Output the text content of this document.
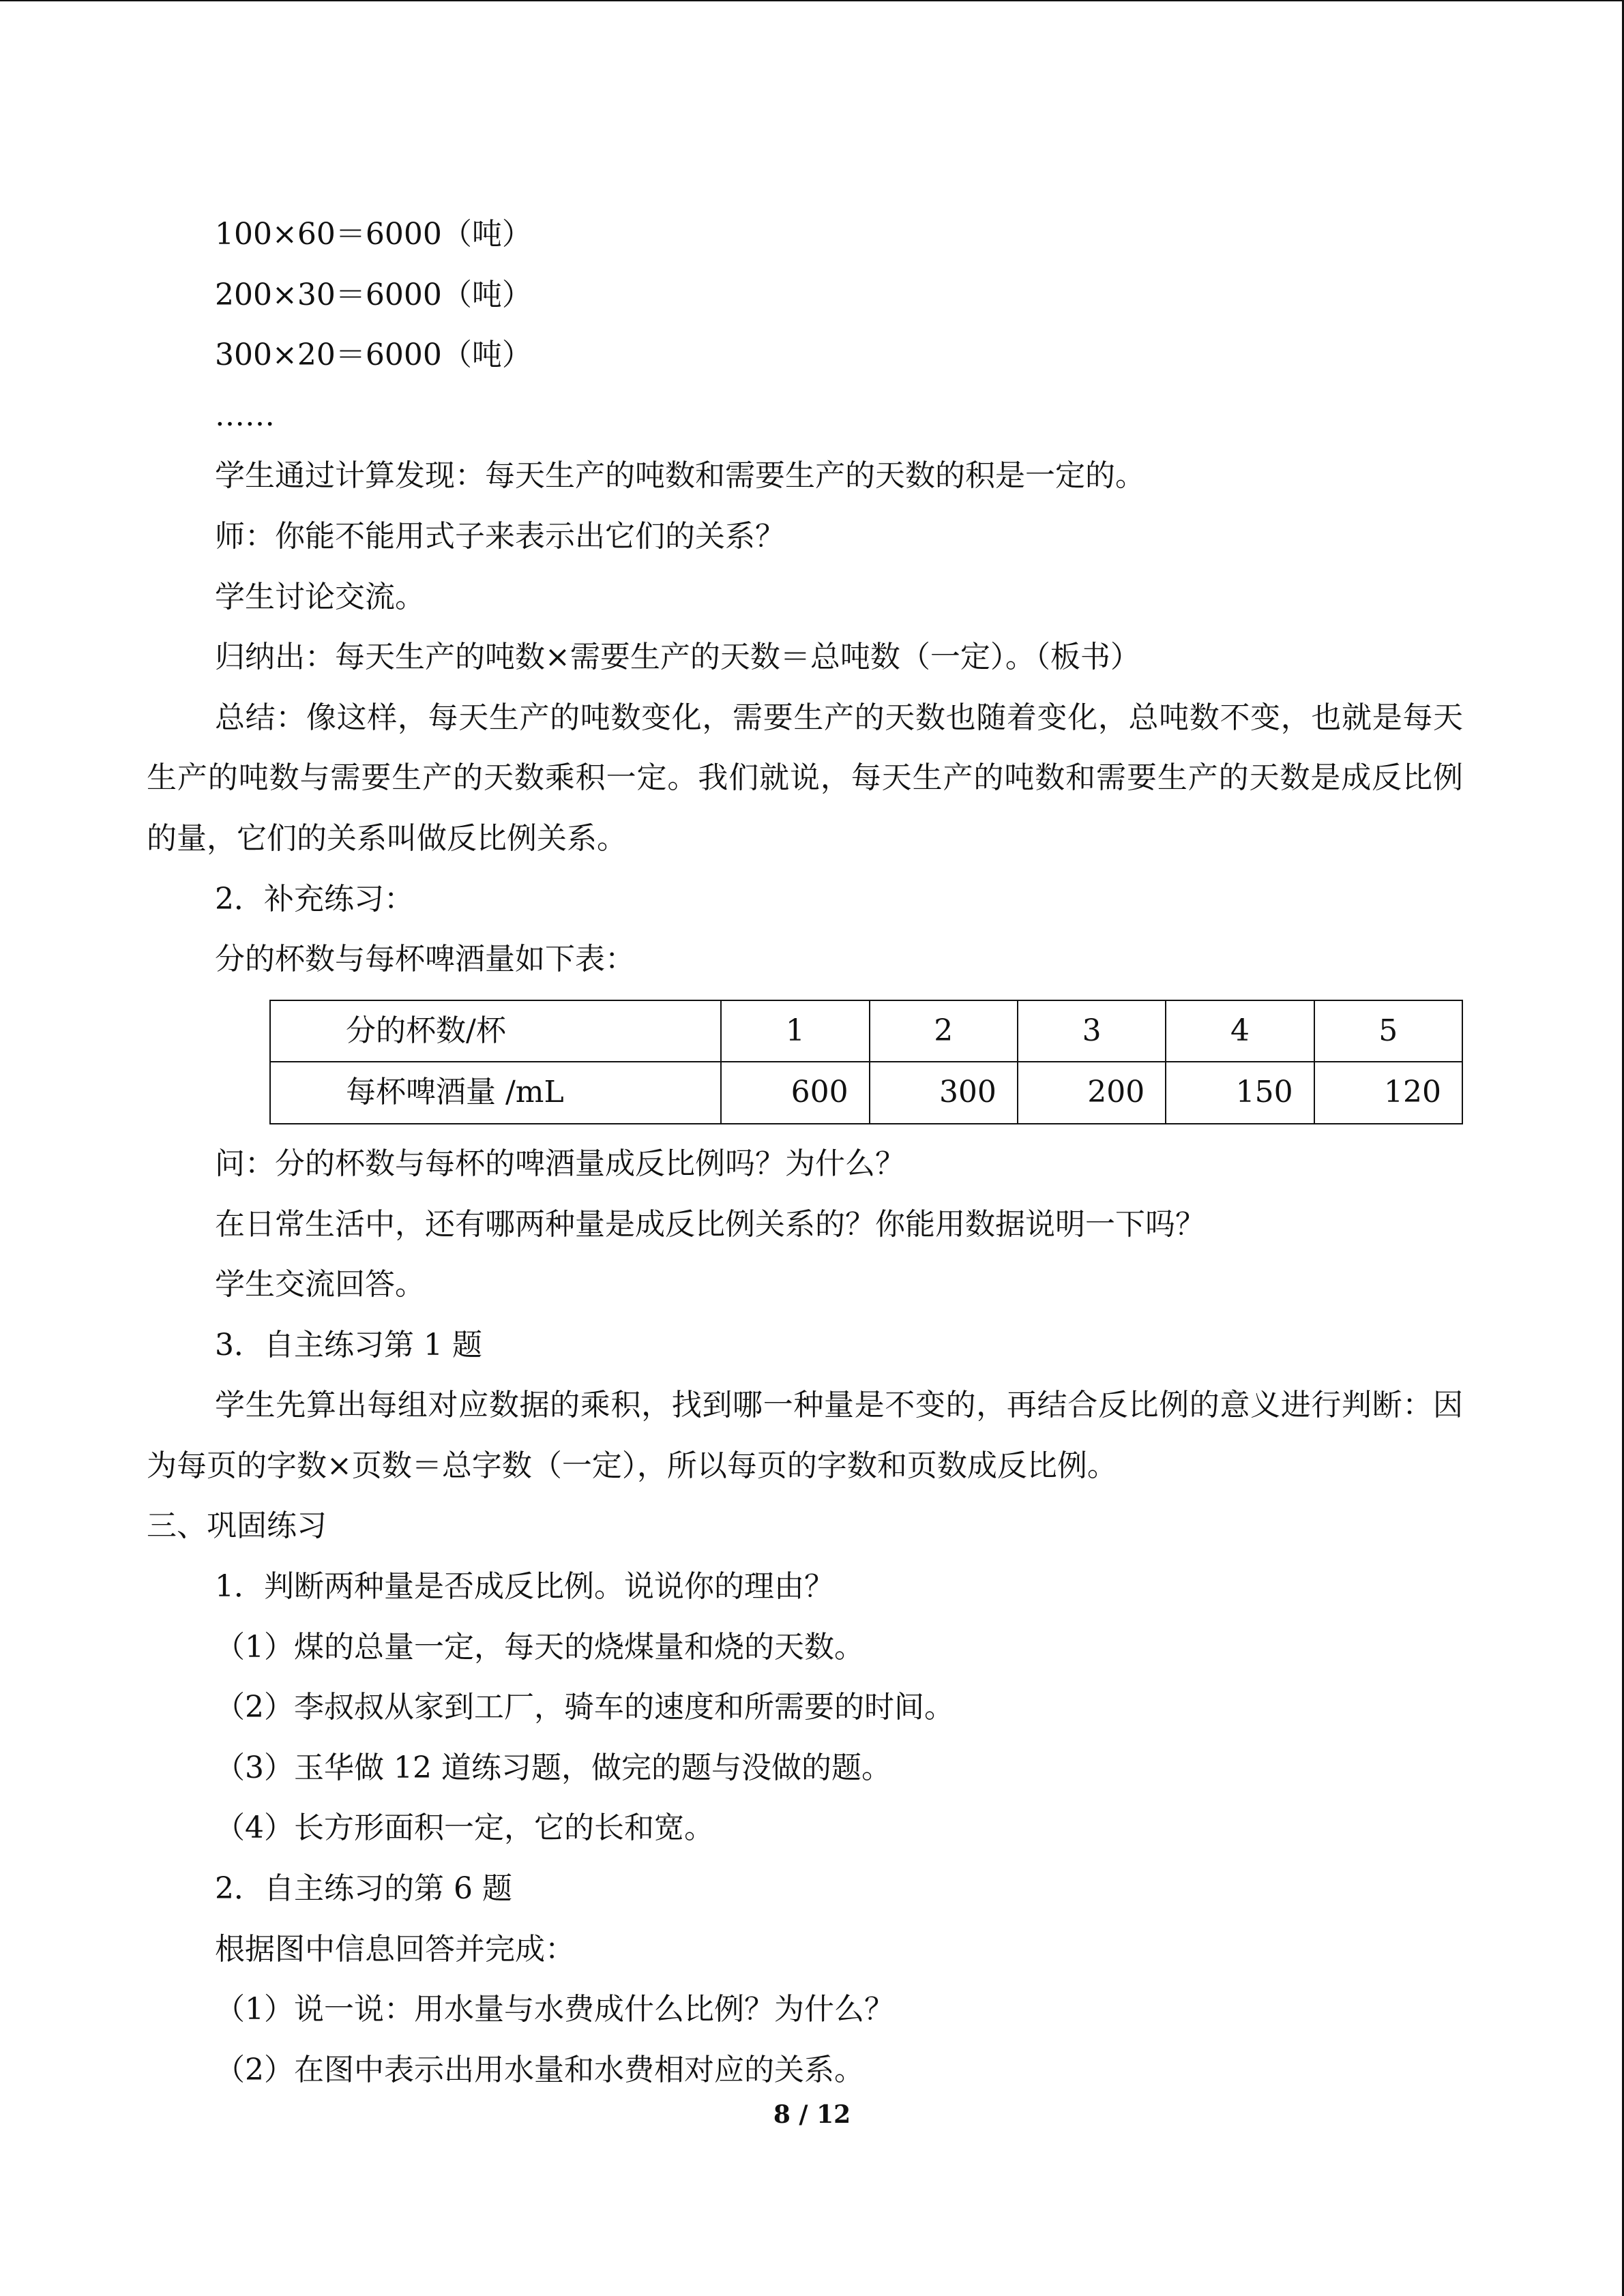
100×60＝6000（吨）
200×30＝6000（吨）
300×20＝6000（吨）
……
学生通过计算发现：每天生产的吨数和需要生产的天数的积是一定的。
师：你能不能用式子来表示出它们的关系？
学生讨论交流。
归纳出：每天生产的吨数×需要生产的天数＝总吨数（一定）。（板书）
总结：像这样，每天生产的吨数变化，需要生产的天数也随着变化，总吨数不变，也就是每天生产的吨数与需要生产的天数乘积一定。我们就说，每天生产的吨数和需要生产的天数是成反比例的量，它们的关系叫做反比例关系。
2．补充练习：
分的杯数与每杯啤酒量如下表：
分的杯数/杯	1	2	3	4	5
每杯啤酒量 /mL	600	300	200	150	120
问：分的杯数与每杯的啤酒量成反比例吗？为什么？
在日常生活中，还有哪两种量是成反比例关系的？你能用数据说明一下吗？
学生交流回答。
3．自主练习第 1 题
学生先算出每组对应数据的乘积，找到哪一种量是不变的，再结合反比例的意义进行判断：因为每页的字数×页数＝总字数（一定），所以每页的字数和页数成反比例。
三、巩固练习
1．判断两种量是否成反比例。说说你的理由？
（1）煤的总量一定，每天的烧煤量和烧的天数。
（2）李叔叔从家到工厂，骑车的速度和所需要的时间。
（3）玉华做 12 道练习题，做完的题与没做的题。
（4）长方形面积一定，它的长和宽。
2．自主练习的第 6 题
根据图中信息回答并完成：
（1）说一说：用水量与水费成什么比例？为什么？
（2）在图中表示出用水量和水费相对应的关系。
8 / 12
